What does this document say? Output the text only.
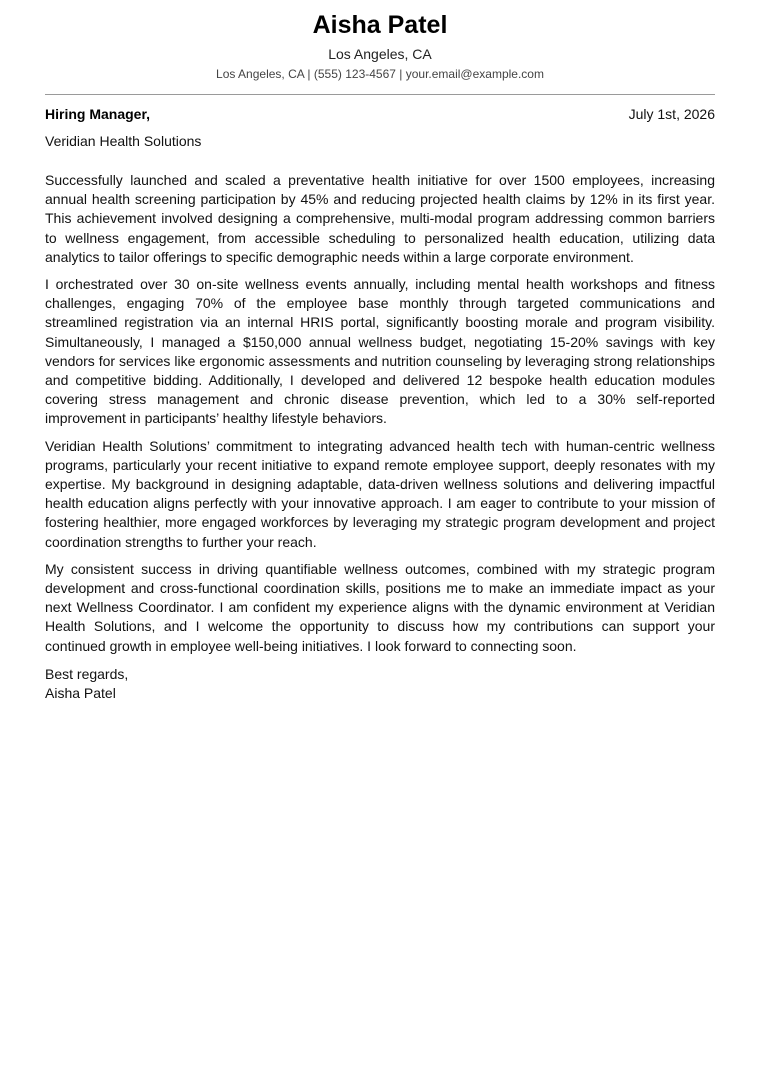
Aisha Patel
Los Angeles, CA
Los Angeles, CA | (555) 123-4567 | your.email@example.com
Hiring Manager,	July 1st, 2026
Veridian Health Solutions

Successfully launched and scaled a preventative health initiative for over 1500 employees, increasing annual health screening participation by 45% and reducing projected health claims by 12% in its first year. This achievement involved designing a comprehensive, multi-modal program addressing common barriers to wellness engagement, from accessible scheduling to personalized health education, utilizing data analytics to tailor offerings to specific demographic needs within a large corporate environment.

I orchestrated over 30 on-site wellness events annually, including mental health workshops and fitness challenges, engaging 70% of the employee base monthly through targeted communications and streamlined registration via an internal HRIS portal, significantly boosting morale and program visibility. Simultaneously, I managed a $150,000 annual wellness budget, negotiating 15-20% savings with key vendors for services like ergonomic assessments and nutrition counseling by leveraging strong relationships and competitive bidding. Additionally, I developed and delivered 12 bespoke health education modules covering stress management and chronic disease prevention, which led to a 30% self-reported improvement in participants’ healthy lifestyle behaviors.

Veridian Health Solutions’ commitment to integrating advanced health tech with human-centric wellness programs, particularly your recent initiative to expand remote employee support, deeply resonates with my expertise. My background in designing adaptable, data-driven wellness solutions and delivering impactful health education aligns perfectly with your innovative approach. I am eager to contribute to your mission of fostering healthier, more engaged workforces by leveraging my strategic program development and project coordination strengths to further your reach.

My consistent success in driving quantifiable wellness outcomes, combined with my strategic program development and cross-functional coordination skills, positions me to make an immediate impact as your next Wellness Coordinator. I am confident my experience aligns with the dynamic environment at Veridian Health Solutions, and I welcome the opportunity to discuss how my contributions can support your continued growth in employee well-being initiatives. I look forward to connecting soon.

Best regards,
Aisha Patel
